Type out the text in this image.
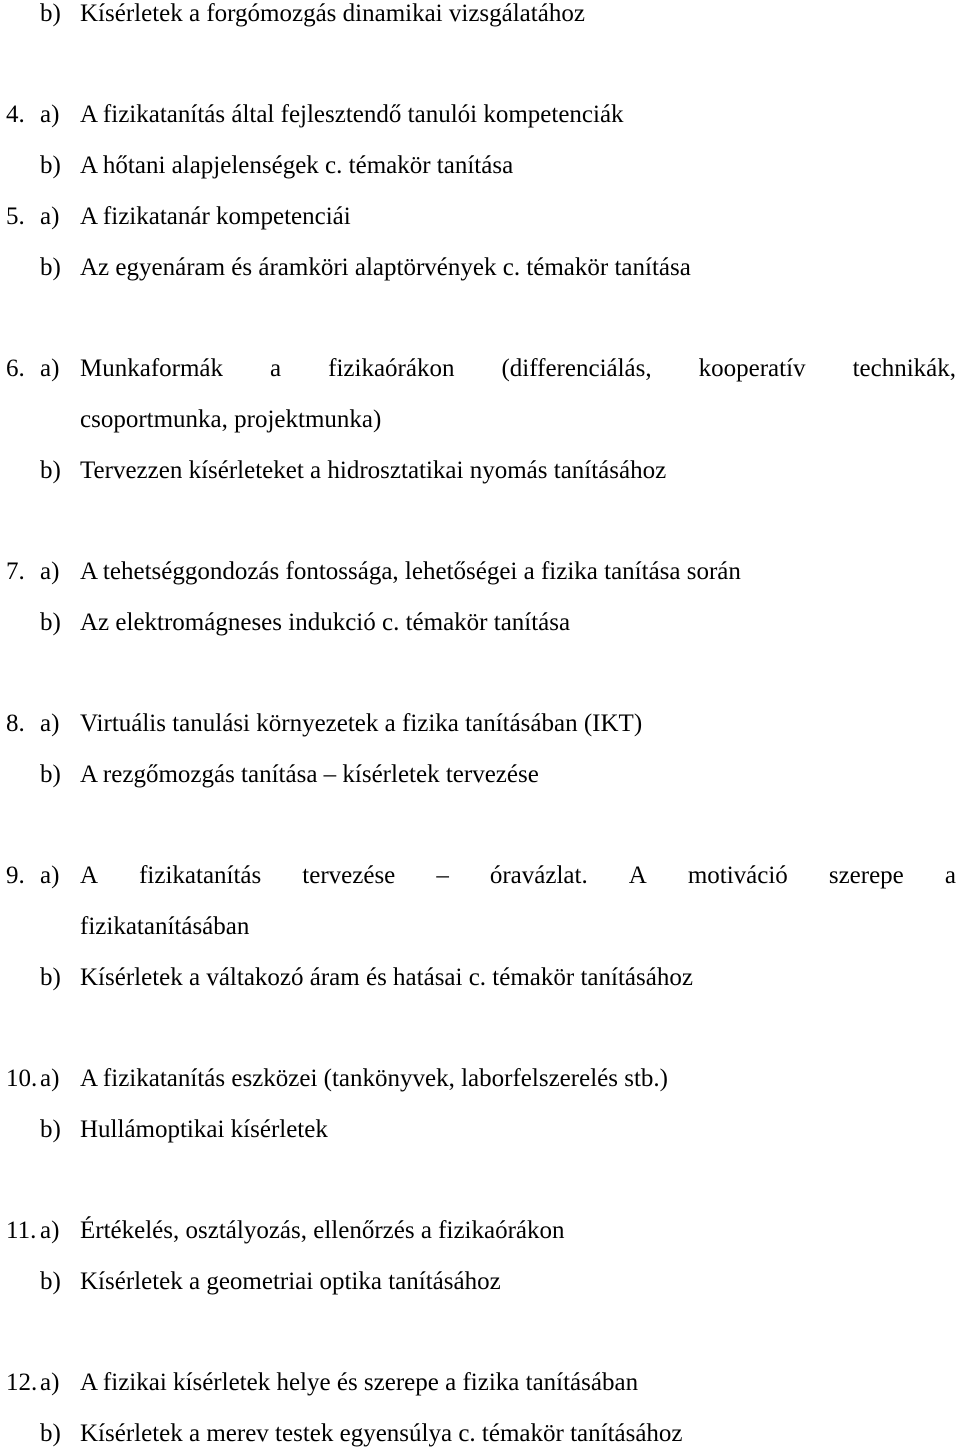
b) Kísérletek a forgómozgás dinamikai vizsgálatához
4. a) A fizikatanítás által fejlesztendő tanulói kompetenciák
b) A hőtani alapjelenségek c. témakör tanítása
5. a) A fizikatanár kompetenciái
b) Az egyenáram és áramköri alaptörvények c. témakör tanítása
6. a) Munkaformák a fizikaórákon (differenciálás, kooperatív technikák,
csoportmunka, projektmunka)
b) Tervezzen kísérleteket a hidrosztatikai nyomás tanításához
7. a) A tehetséggondozás fontossága, lehetőségei a fizika tanítása során
b) Az elektromágneses indukció c. témakör tanítása
8. a) Virtuális tanulási környezetek a fizika tanításában (IKT)
b) A rezgőmozgás tanítása – kísérletek tervezése
9. a) A fizikatanítás tervezése – óravázlat. A motiváció szerepe a
fizikatanításában
b) Kísérletek a váltakozó áram és hatásai c. témakör tanításához
10. a) A fizikatanítás eszközei (tankönyvek, laborfelszerelés stb.)
b) Hullámoptikai kísérletek
11. a) Értékelés, osztályozás, ellenőrzés a fizikaórákon
b) Kísérletek a geometriai optika tanításához
12. a) A fizikai kísérletek helye és szerepe a fizika tanításában
b) Kísérletek a merev testek egyensúlya c. témakör tanításához
